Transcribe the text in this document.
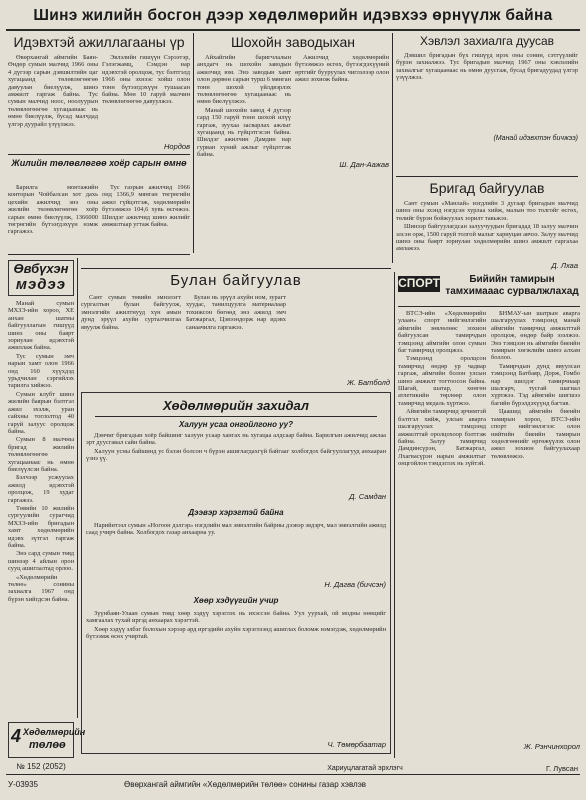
Шинэ жилийн босгон дээр хөдөлмөрийн идэвхээ өрнүүлж байна
Идэвхтэй ажиллагааны үр

Өвөрхангай аймгийн Баян-Өндөр сумын малчид 1966 оны 4 дүгээр сарын дэвшилтийн цаг хугацаанд төлөвлөгөөгөө давуулан биелүүлж, шинэ амжилт гаргаж байна. Тус сумын малчид ноос, ноолуурын төлөвлөгөөгөө хугацаанаас нь өмнө биелүүлж, бусад малчдад үлгэр дуурайл үзүүлжээ.

Эвлэлийн гишүүн Сэрээтэр, Гэлэгжамц, Сэмдэн нар идэвхтэй оролцож, тус бэлтгэлд 1966 оны эхнээс хойш олон тонн бүтээгдэхүүн тушаасан байна. Мөн 10 гаруй малчин төлөвлөгөөгөө давуулжээ.

Нордов
Жилийн төлөвлөгөө хоёр сарын өмнө

Барилга монтажийн конторын Чойбалсан хот дахь цехийн ажилчид энэ оны жилийн төлөвлөгөөгөө хоёр сарын өмнө биелүүлж, 1366000 төгрөгийн бүтээгдэхүүн нэмж гаргажээ.

Тус газрын ажилчид 1966 онд 1366,9 мянган төгрөгийн ажил гүйцэтгэж, хөдөлмөрийн бүтээмжээ 104,6 хувь өсгөжээ. Шилдэг ажилчид шинэ жилийг амжилтаар угтаж байна.

Шохойн заводыхан

Айхайгийн баригчлалын анхдагч нь шохойн заводын ажилчид юм. Энэ заводын хамт олон дөрвөн сарын турш 6 мянган тонн шохой үйлдвэрлэх төлөвлөгөөгөө хугацаанаас нь өмнө биелүүлжээ.

Манай шохойн завод 4 дүгээр сард 150 гаруй тонн шохой илүү гаргаж, зуухаа засварлах ажлыг хугацаанд нь гүйцэтгэсэн байна. Шилдэг ажилчин Дамдин нар гурван хүний ажлыг гүйцэтгэж байна.

Ажилчид хөдөлмөрийн бүтээмжээ өсгөх, бүтээгдэхүүний өртгийг бууруулах чиглэлээр олон ажил зохиож байна.

Ш. Дан-Аажав
Хэвлэл захиалга дуусав

Дэвшил бригадын бүх гишүүд ирэх оны сонин, сэтгүүлийг бүрэн захиалжээ. Тус бригадын малчид 1967 оны хэвлэлийн захиалгыг хугацаанаас нь өмнө дуусгаж, бусад бригадуудад үлгэр үзүүлжээ.

(Манай идэвхтэн бичжээ)
Бригад байгуулав

Сант сумын «Манлай» нэгдлийн 3 дугаар бригадын малчид шинэ оны эхэнд нэгдсэн хурлаа хийж, малын тоо толгойг өсгөх, төлийг бүрэн бойжуулах зорилт тавьжээ.

Шинээр байгуулагдсан залуучуудын бригадад 18 залуу малчин элсэн орж, 1500 гаруй толгой малыг хариуцан авчээ. Залуу малчид шинэ оны баярт зориулан хөдөлмөрийн шинэ амжилт гаргахаа амлажээ.

Д. Лхаа
Өвбүхэн
мэдээ

Манай сумын МХЗЭ-ийн хороо, ХЕ анхан шатны байгууллагын гишүүд шинэ оны баярт зориулан идэвхтэй ажиллаж байна.

Тус сумын эмч нарын хамт олон 1966 онд 160 хүүхдэд урьдчилан сэргийлэх тарилга хийжээ.

Сумын клубт шинэ жилийн баярын бэлтгэл ажил эхэлж, уран сайхны тоглолтод 40 гаруй залуус оролцож байна.

Сумын 8 малчны бригад жилийн төлөвлөгөөгөө хугацаанаас нь өмнө биелүүлсэн байна.

Бэлчээр усжуулах ажилд идэвхтэй оролцож, 19 худаг гаргажээ.

Төвийн 10 жилийн сургуулийн сурагчид МХЗЭ-ийн бригадын хамт хөдөлмөрийн идэвх зүтгэл гаргаж байна.

Энэ сард сумын төвд шинээр 4 айлын орон сууц ашиглалтад орлоо.

«Хөдөлмөрийн төлөө» сонины захиалга 1967 онд бүрэн хийгдсэн байна.

4 Хөдөлмөрийн
төлөө
№ 152 (2052)
Булан байгуулав

Сант сумын төвийн эмнэлэгт сургалтын булан байгуулж, эмнэлгийн ажилтнууд хүн амын дунд эрүүл ахуйн сурталчилгаа явуулж байна.

Булан нь эрүүл ахуйн ном, зурагт хуудас, танилцуулга материалаар тохижсон бөгөөд энэ ажилд эмч Батжаргал, Цэвээндорж нар идэвх санаачилга гаргажээ.

Ж. Батболд
Хөдөлмөрийн захидал
Халуун усаа онгойлгоно уу?

Дэмчиг бригадын хоёр байшинг халуун усаар хангах нь хугацаа алдсаар байна. Барилгын ажилчид ажлаа эрт дуусгавал сайн байна.

Халуун усны байшинд ус бэлэн болсон ч бүрэн ашиглагдахгүй байгааг холбогдох байгууллагууд анхааран үзнэ үү.

Д. Самдан
Дээвэр хэрэгтэй байна

Нарийнтээл сумын «Ногоон дэлгэр» нэгдлийн мал эмнэлгийн байрны дээвэр эвдэрч, мал эмнэлгийн ажилд саад учирч байна. Холбогдох газар анхаарна уу.

Н. Дагва (бичсэн)
Хөөр хэдүүгийн учир

Зүүнбаян-Улаан сумын төвд хөөр хэдүү хэрэглэх нь ихэссэн байна. Уул уурхай, ой модны нөөцийг хамгаалах тухай иргэд анхаарах хэрэгтэй.

Хөөр хэдүү элбэг болохын хэрээр ард иргэдийн ахуйн хэрэглээнд ашиглах боломж нэмэгдэж, хөдөлмөрийн бүтээмж өсөх учиртай.

Ч. Төмөрбаатар
СПОРТ	Бийийн тамирын тамхимааас сурвалжлахад

ВТСЭ-ийн «Хөдөлмөрийн улаан» спорт нийгэмлэгийн аймгийн зөвлөлөөс зохион байгуулсан тамирчдын тэмцээнд аймгийн олон сумын баг тамирчид оролцжээ.

Тэмцээнд оролцсон тамирчид өндөр ур чадвар гаргаж, аймгийн болон улсын шинэ амжилт тогтоосон байна. Шагай, шатар, хөнгөн атлетикийн төрлөөр олон тамирчид медаль хүртжээ.

Аймгийн тамирчид эрчимтэй бэлтгэл хийж, улсын аварга шалгаруулах тэмцээнд амжилттай оролцохоор бэлтгэж байна. Залуу тамирчид Дамдинсүрэн, Батжаргал, Лхагвасүрэн нарын амжилтыг онцгойлон тэмдэглэх нь зүйтэй.

БНМАУ-ын шатрын аварга шалгаруулах тэмцээнд манай аймгийн тамирчид амжилттай оролцож, өндөр байр эзэлжээ. Энэ тэмцээн нь аймгийн биеийн тамирын хөгжлийн шинэ алхам боллоо.

Тамирчдын дунд явуулсан тэмцээнд Батбаяр, Дорж, Гомбо нар шилдэг тамирчнаар шалгарч, тусгай шагнал хүртжээ. Тэд аймгийн шигшээ багийн бүрэлдэхүүнд багтав.

Цаашид аймгийн биеийн тамирын хороо, ВТСЭ-ийн спорт нийгэмлэгээс олон нийтийн биеийн тамирын хөдөлгөөнийг өргөжүүлэх олон ажил зохион байгуулахаар төлөвлөжээ.

Ж. Рэнчинхорол
У-03935	Өвөрхангай аймгийн «Хөдөлмөрийн төлөө» сонины газар хэвлэв
Хариуцлагатай эрхлэгч	Г. Лувсан
